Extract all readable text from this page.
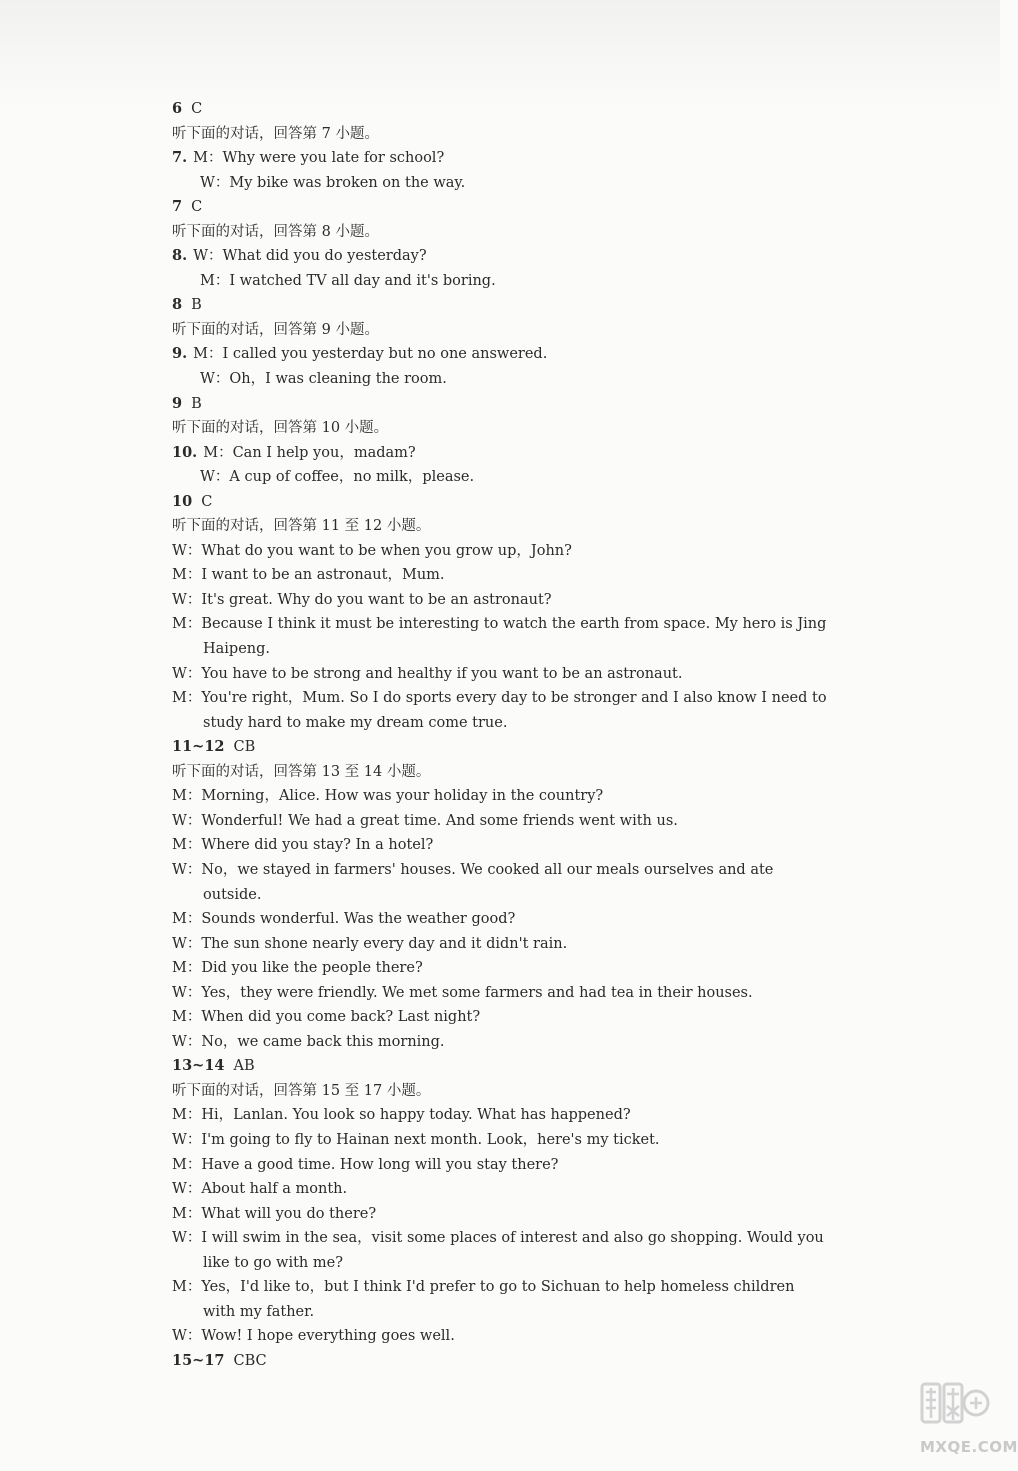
6 C
听下面的对话，回答第 7 小题。
7. M：Why were you late for school?
W：My bike was broken on the way.
7 C
听下面的对话，回答第 8 小题。
8. W：What did you do yesterday?
M：I watched TV all day and it's boring.
8 B
听下面的对话，回答第 9 小题。
9. M：I called you yesterday but no one answered.
W：Oh，I was cleaning the room.
9 B
听下面的对话，回答第 10 小题。
10. M：Can I help you，madam?
W：A cup of coffee，no milk，please.
10 C
听下面的对话，回答第 11 至 12 小题。
W：What do you want to be when you grow up，John?
M：I want to be an astronaut，Mum.
W：It's great. Why do you want to be an astronaut?
M：Because I think it must be interesting to watch the earth from space. My hero is Jing
Haipeng.
W：You have to be strong and healthy if you want to be an astronaut.
M：You're right，Mum. So I do sports every day to be stronger and I also know I need to
study hard to make my dream come true.
11~12 CB
听下面的对话，回答第 13 至 14 小题。
M：Morning，Alice. How was your holiday in the country?
W：Wonderful! We had a great time. And some friends went with us.
M：Where did you stay? In a hotel?
W：No，we stayed in farmers' houses. We cooked all our meals ourselves and ate
outside.
M：Sounds wonderful. Was the weather good?
W：The sun shone nearly every day and it didn't rain.
M：Did you like the people there?
W：Yes，they were friendly. We met some farmers and had tea in their houses.
M：When did you come back? Last night?
W：No，we came back this morning.
13~14 AB
听下面的对话，回答第 15 至 17 小题。
M：Hi，Lanlan. You look so happy today. What has happened?
W：I'm going to fly to Hainan next month. Look，here's my ticket.
M：Have a good time. How long will you stay there?
W：About half a month.
M：What will you do there?
W：I will swim in the sea，visit some places of interest and also go shopping. Would you
like to go with me?
M：Yes，I'd like to，but I think I'd prefer to go to Sichuan to help homeless children
with my father.
W：Wow! I hope everything goes well.
15~17 CBC
MXQE.COM
